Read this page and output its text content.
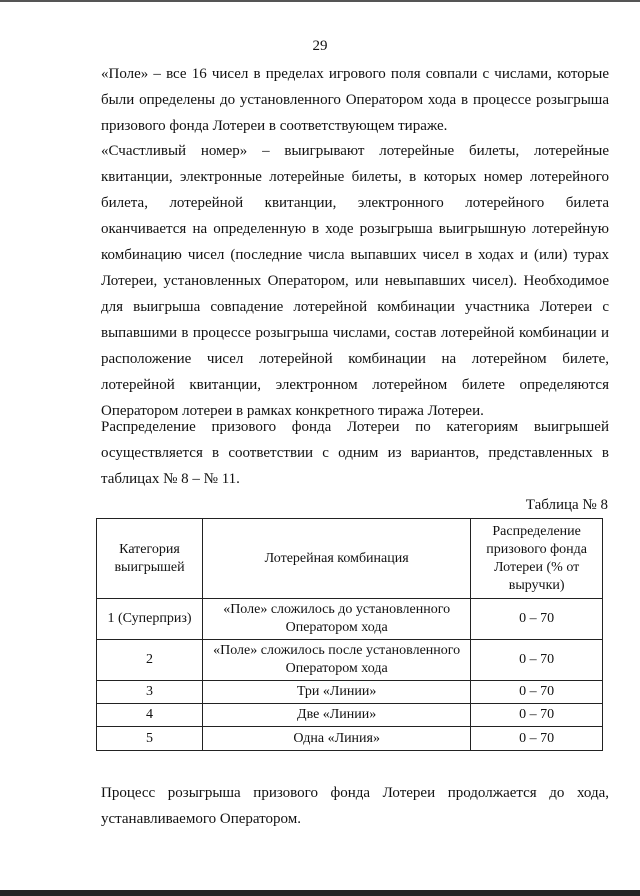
29

«Поле» – все 16 чисел в пределах игрового поля совпали с числами, которые были определены до установленного Оператором хода в процессе розыгрыша призового фонда Лотереи в соответствующем тираже.

«Счастливый номер» – выигрывают лотерейные билеты, лотерейные квитанции, электронные лотерейные билеты, в которых номер лотерейного билета, лотерейной квитанции, электронного лотерейного билета оканчивается на определенную в ходе розыгрыша выигрышную лотерейную комбинацию чисел (последние числа выпавших чисел в ходах и (или) турах Лотереи, установленных Оператором, или невыпавших чисел). Необходимое для выигрыша совпадение лотерейной комбинации участника Лотереи с выпавшими в процессе розыгрыша числами, состав лотерейной комбинации и расположение чисел лотерейной комбинации на лотерейном билете, лотерейной квитанции, электронном лотерейном билете определяются Оператором лотереи в рамках конкретного тиража Лотереи.

Распределение призового фонда Лотереи по категориям выигрышей осуществляется в соответствии с одним из вариантов, представленных в таблицах № 8 – № 11.

Таблица № 8
Категория выигрышей	Лотерейная комбинация	Распределение призового фонда Лотереи (% от выручки)
1 (Суперприз)	«Поле» сложилось до установленного Оператором хода	0 – 70
2	«Поле» сложилось после установленного Оператором хода	0 – 70
3	Три «Линии»	0 – 70
4	Две «Линии»	0 – 70
5	Одна «Линия»	0 – 70

Процесс розыгрыша призового фонда Лотереи продолжается до хода, устанавливаемого Оператором.
